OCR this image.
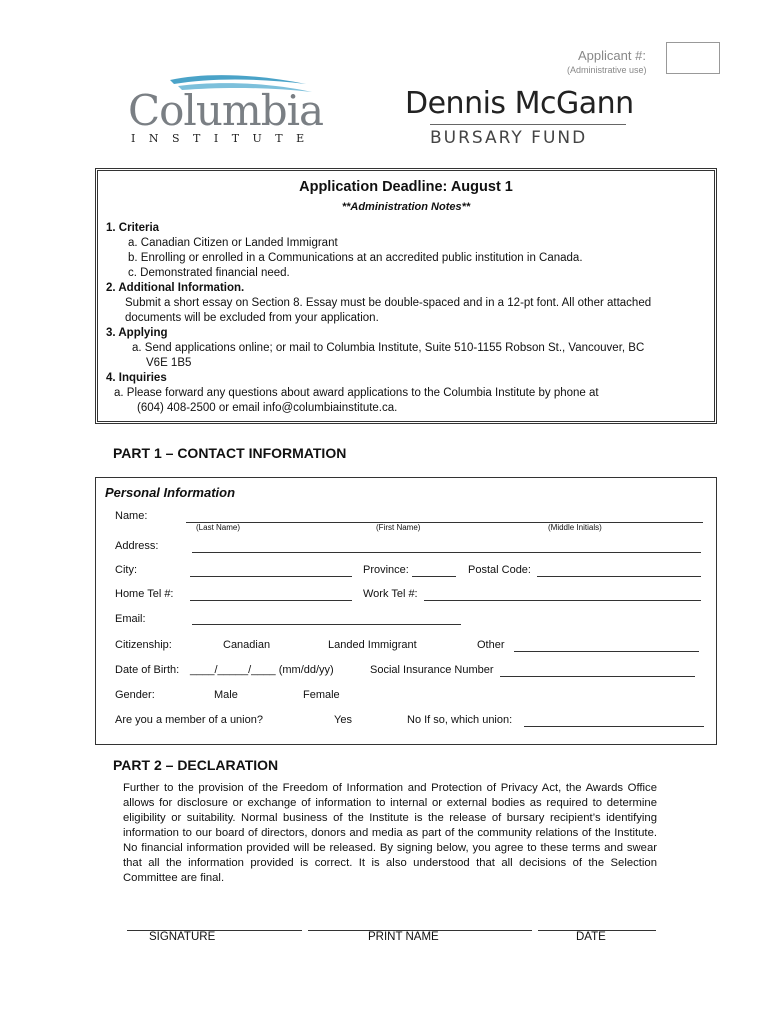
Applicant #:
(Administrative use)
Columbia
INSTITUTE
Dennis McGann
BURSARY FUND
Application Deadline: August 1
**Administration Notes**
1. Criteria
a. Canadian Citizen or Landed Immigrant
b. Enrolling or enrolled in a Communications at an accredited public institution in Canada.
c. Demonstrated financial need.
2. Additional Information.
Submit a short essay on Section 8. Essay must be double-spaced and in a 12-pt font. All other attached
documents will be excluded from your application.
3. Applying
a. Send applications online; or mail to Columbia Institute, Suite 510-1155 Robson St., Vancouver, BC
V6E 1B5
4. Inquiries
a. Please forward any questions about award applications to the Columbia Institute by phone at
(604) 408-2500 or email info@columbiainstitute.ca.
PART 1 – CONTACT INFORMATION
Personal Information
Name:
(Last Name)	(First Name)	(Middle Initials)
Address:
City:	Province:	Postal Code:
Home Tel #:	Work Tel #:
Email:
Citizenship:	Canadian	Landed Immigrant	Other
Date of Birth: ____/_____/____ (mm/dd/yy)	Social Insurance Number
Gender:	Male	Female
Are you a member of a union?	Yes	No If so, which union:
PART 2 – DECLARATION
Further to the provision of the Freedom of Information and Protection of Privacy Act, the Awards Office allows for disclosure or exchange of information to internal or external bodies as required to determine eligibility or suitability. Normal business of the Institute is the release of bursary recipient’s identifying information to our board of directors, donors and media as part of the community relations of the Institute. No financial information provided will be released. By signing below, you agree to these terms and swear that all the information provided is correct. It is also understood that all decisions of the Selection Committee are final.
SIGNATURE	PRINT NAME	DATE
